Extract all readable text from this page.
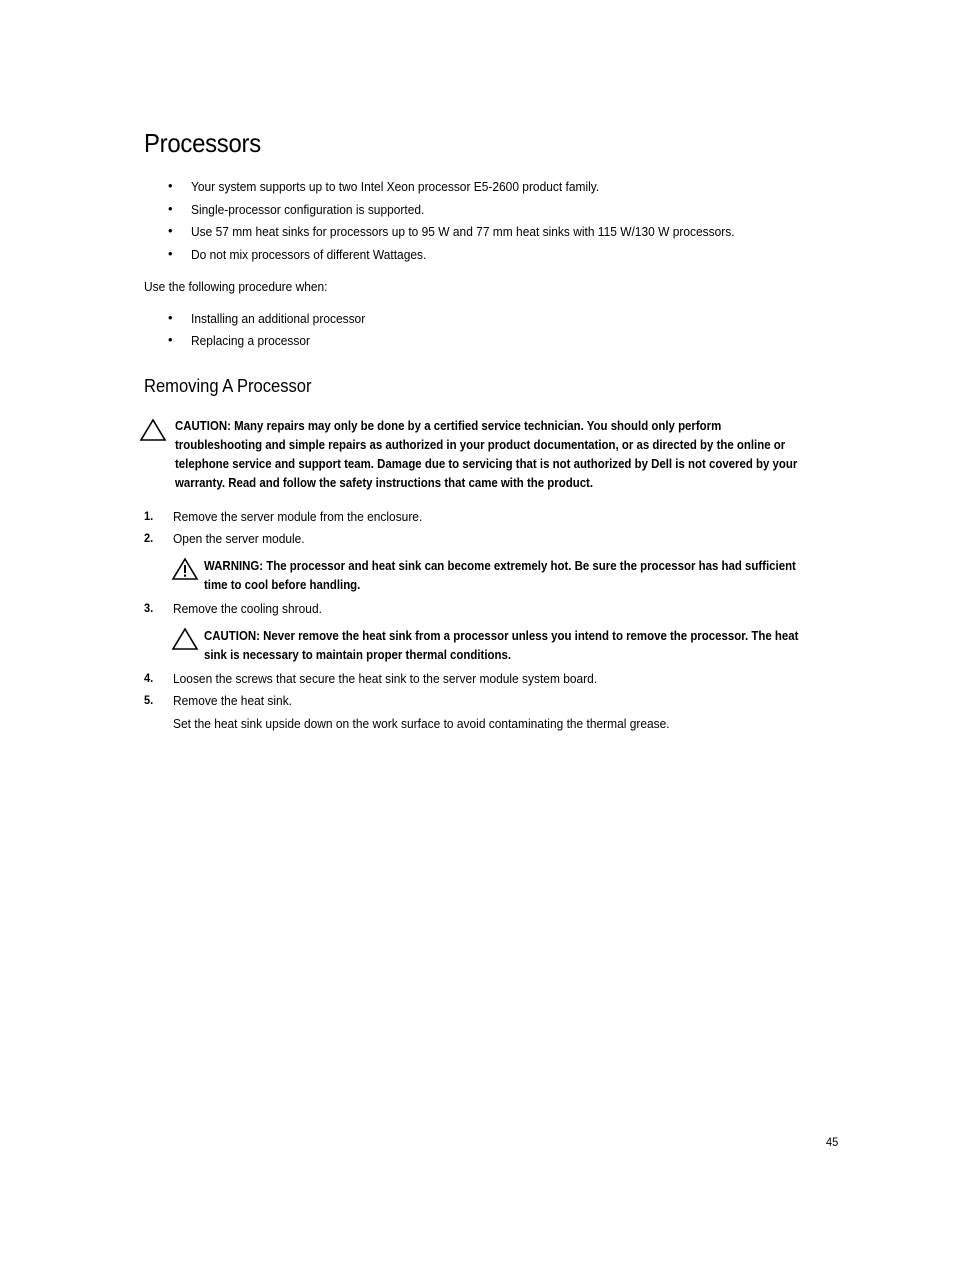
Processors
• Your system supports up to two Intel Xeon processor E5-2600 product family.
• Single-processor configuration is supported.
• Use 57 mm heat sinks for processors up to 95 W and 77 mm heat sinks with 115 W/130 W processors.
• Do not mix processors of different Wattages.
Use the following procedure when:
• Installing an additional processor
• Replacing a processor
Removing A Processor
CAUTION: Many repairs may only be done by a certified service technician. You should only perform
troubleshooting and simple repairs as authorized in your product documentation, or as directed by the online or
telephone service and support team. Damage due to servicing that is not authorized by Dell is not covered by your
warranty. Read and follow the safety instructions that came with the product.
1. Remove the server module from the enclosure.
2. Open the server module.
WARNING: The processor and heat sink can become extremely hot. Be sure the processor has had sufficient
time to cool before handling.
3. Remove the cooling shroud.
CAUTION: Never remove the heat sink from a processor unless you intend to remove the processor. The heat
sink is necessary to maintain proper thermal conditions.
4. Loosen the screws that secure the heat sink to the server module system board.
5. Remove the heat sink.
Set the heat sink upside down on the work surface to avoid contaminating the thermal grease.
45
